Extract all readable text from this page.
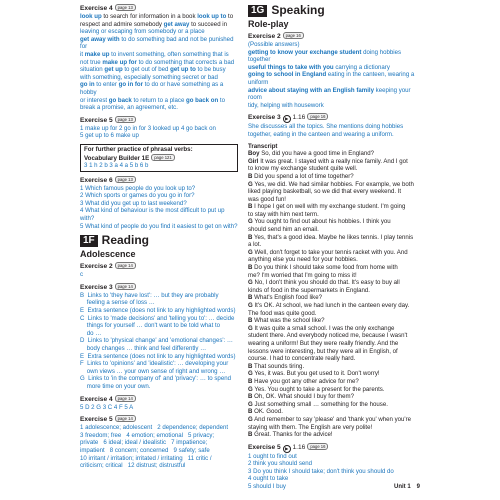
Exercise 4 page 13

look up to search for information in a book look up to to

respect and admire somebody get away to succeed in

leaving or escaping from somebody or a place

get away with to do something bad and not be punished for

it make up to invent something, often something that is

not true make up for to do something that corrects a bad

situation get up to get out of bed get up to to be busy

with something, especially something secret or bad

go in to enter go in for to do or have something as a hobby

or interest go back to return to a place go back on to

break a promise, an agreement, etc.

Exercise 5 page 13

1 make up for 2 go in for 3 looked up 4 go back on

5 get up to 6 make up

For further practice of phrasal verbs:

Vocabulary Builder 1E page 121

3 1 h 2 b 3 a 4 a 5 b 6 b

Exercise 6 page 13

1 Which famous people do you look up to?

2 Which sports or games do you go in for?

3 What did you get up to last weekend?

4 What kind of behaviour is the most difficult to put up with?

5 What kind of people do you find it easiest to get on with?

1F Reading
Adolescence
Exercise 2 page 14

c

Exercise 3 page 14

B  Links to 'they have lost': … but they are probably

feeling a sense of loss …

E  Extra sentence (does not link to any highlighted words)

C  Links to 'made decisions' and 'telling you to': … decide

things for yourself … don't want to be told what to

do …

D  Links to 'physical change' and 'emotional changes': …

body changes … think and feel differently …

E  Extra sentence (does not link to any highlighted words)

F  Links to 'opinions' and 'idealistic': … developing your

own views … your own sense of right and wrong …

G  Links to 'in the company of' and 'privacy': … to spend

more time on your own.

Exercise 4 page 14

5 D 2 G 3 C 4 F 5 A

Exercise 5 page 14

1 adolescence; adolescent   2 dependence; dependent

3 freedom; free   4 emotion; emotional   5 privacy;

private   6 ideal; ideal / idealistic   7 impatience;

impatient   8 concern; concerned   9 safety; safe

10 irritant / irritation; irritated / irritating   11 critic /

criticism; critical   12 distrust; distrustful

1G Speaking
Role-play
Exercise 2 page 16

(Possible answers)

getting to know your exchange student doing hobbies together

useful things to take with you carrying a dictionary

going to school in England eating in the canteen, wearing a

uniform

advice about staying with an English family keeping your room

tidy, helping with housework

Exercise 3 ▶ 1.16 page 16

She discusses all the topics. She mentions doing hobbies

together, eating in the canteen and wearing a uniform.

Transcript

Boy So, did you have a good time in England?

Girl It was great. I stayed with a really nice family. And I got

to know my exchange student quite well.

B Did you spend a lot of time together?

G Yes, we did. We had similar hobbies. For example, we both

liked playing basketball, so we did that every weekend. It

was good fun!

B I hope I get on well with my exchange student. I'm going

to stay with him next term.

G You ought to find out about his hobbies. I think you

should send him an email.

B Yes, that's a good idea. Maybe he likes tennis. I play tennis

a lot.

G Well, don't forget to take your tennis racket with you. And

anything else you need for your hobbies.

B Do you think I should take some food from home with

me? I'm worried that I'm going to miss it!

G No, I don't think you should do that. It's easy to buy all

kinds of food in the supermarkets in England.

B What's English food like?

G It's OK. At school, we had lunch in the canteen every day.

The food was quite good.

B What was the school like?

G It was quite a small school. I was the only exchange

student there. And everybody noticed me, because I wasn't

wearing a uniform! But they were really friendly. And the

lessons were interesting, but they were all in English, of

course. I had to concentrate really hard.

B That sounds tiring.

G Yes, it was. But you get used to it. Don't worry!

B Have you got any other advice for me?

G Yes. You ought to take a present for the parents.

B Oh, OK. What should I buy for them?

G Just something small … something for the house.

B OK. Good.

G And remember to say 'please' and 'thank you' when you're

staying with them. The English are very polite!

B Great. Thanks for the advice!

Exercise 5 ▶ 1.16 page 16

1 ought to find out

2 think you should send

3 Do you think I should take; don't think you should do

4 ought to take

5 should I buy	Unit 1 9
